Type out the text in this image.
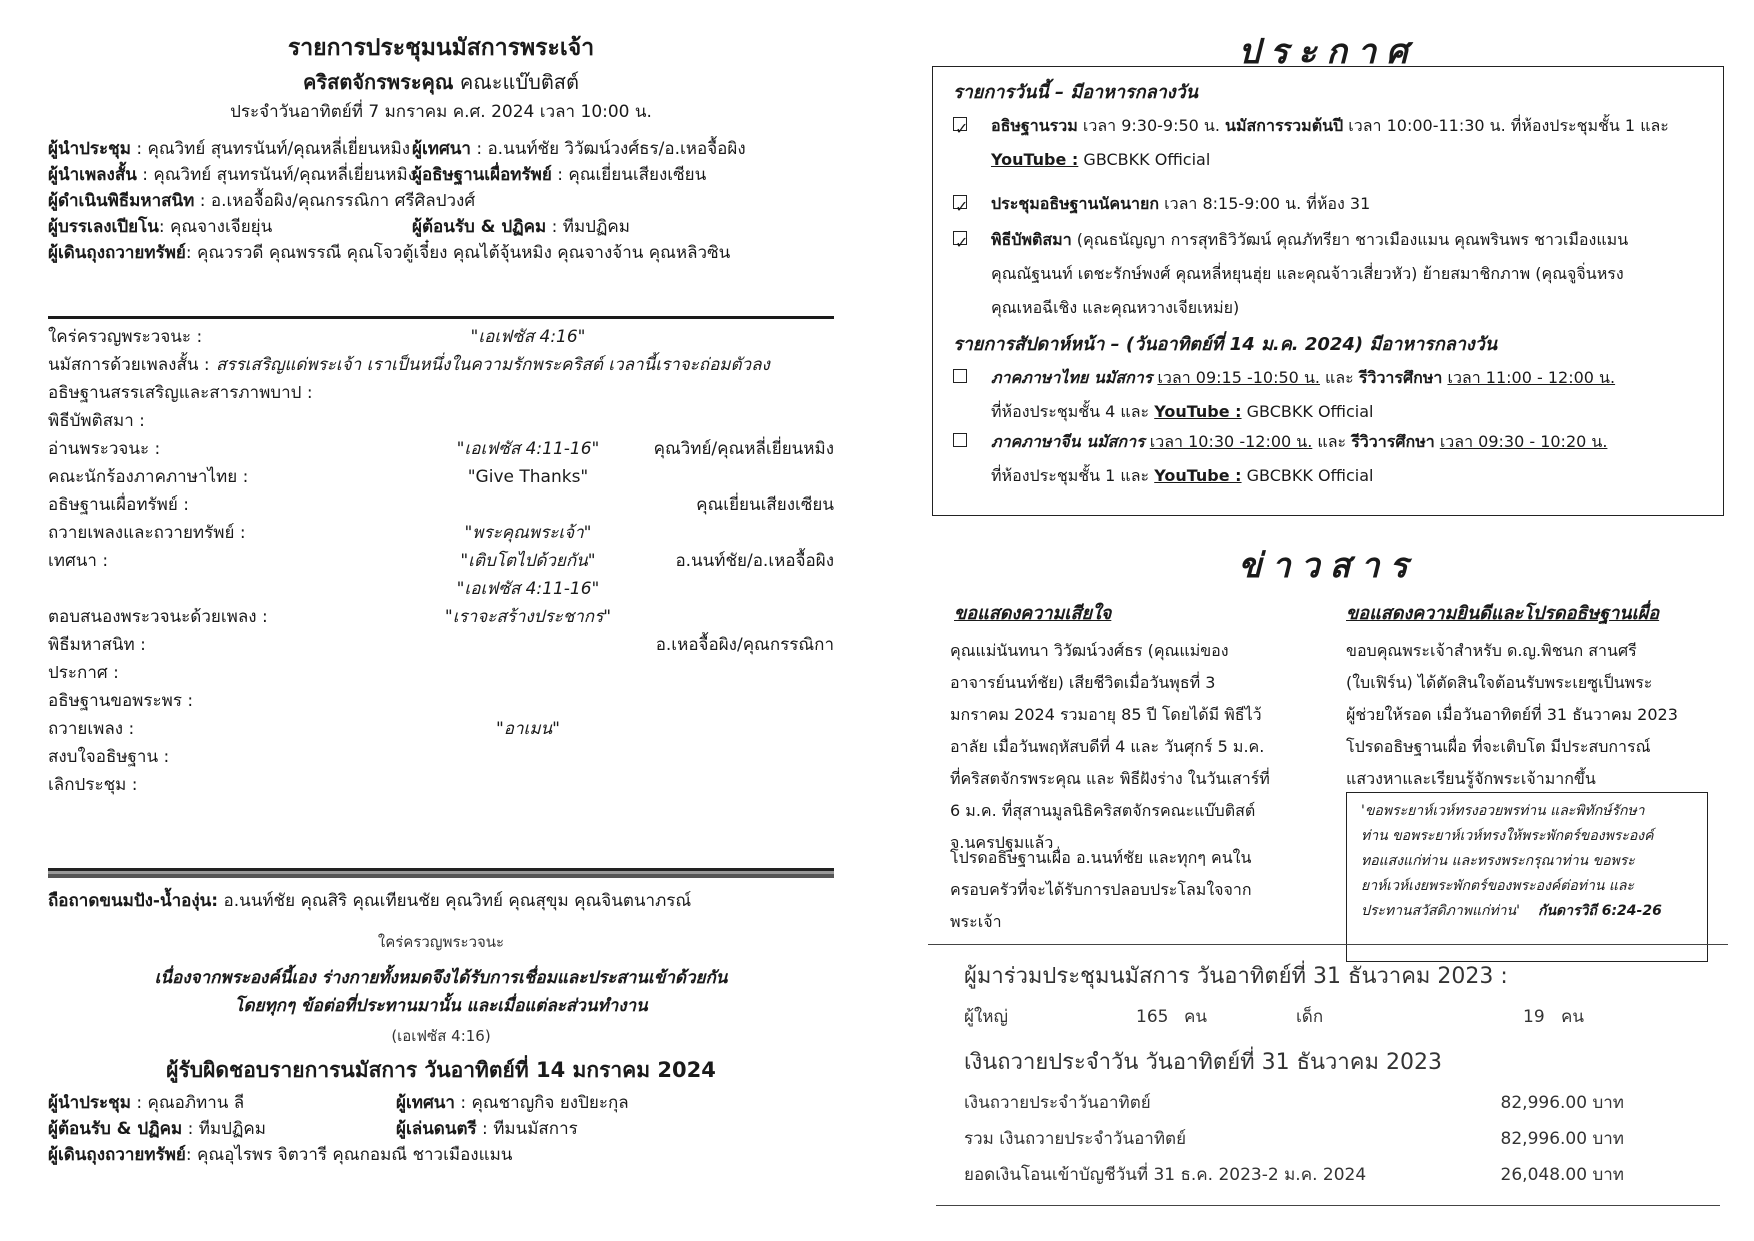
รายการประชุมนมัสการพระเจ้า
คริสตจักรพระคุณ คณะแบ๊บติสต์
ประจำวันอาทิตย์ที่ 7 มกราคม ค.ศ. 2024 เวลา 10:00 น.
ผู้นำประชุม : คุณวิทย์ สุนทรนันท์/คุณหลี่เยี่ยนหมิง ผู้เทศนา : อ.นนท์ชัย วิวัฒน์วงศ์ธร/อ.เหอจื้อผิง
ผู้นำเพลงสั้น : คุณวิทย์ สุนทรนันท์/คุณหลี่เยี่ยนหมิง
ผู้อธิษฐานเผื่อทรัพย์ : คุณเยี่ยนเสียงเซียน
ผู้ดำเนินพิธีมหาสนิท : อ.เหอจื้อผิง/คุณกรรณิกา ศรีศิลปวงศ์
ผู้บรรเลงเปียโน: คุณจางเจียยุ่น	ผู้ต้อนรับ & ปฏิคม : ทีมปฏิคม
ผู้เดินถุงถวายทรัพย์: คุณวรวดี คุณพรรณี คุณโจวตู้เจี๋ยง คุณไต้จุ้นหมิง คุณจางจ้าน คุณหลิวซิน
ใคร่ครวญพระวจนะ :	"เอเฟซัส 4:16"
นมัสการด้วยเพลงสั้น : สรรเสริญแด่พระเจ้า เราเป็นหนึ่งในความรักพระคริสต์ เวลานี้เราจะถ่อมตัวลง
อธิษฐานสรรเสริญและสารภาพบาป :
พิธีบัพติสมา :
อ่านพระวจนะ :	"เอเฟซัส 4:11-16"	คุณวิทย์/คุณหลี่เยี่ยนหมิง
คณะนักร้องภาคภาษาไทย :	"Give Thanks"
อธิษฐานเผื่อทรัพย์ :	คุณเยี่ยนเสียงเซียน
ถวายเพลงและถวายทรัพย์ :	"พระคุณพระเจ้า"
เทศนา :	"เติบโตไปด้วยกัน"	อ.นนท์ชัย/อ.เหอจื้อผิง
"เอเฟซัส 4:11-16"
ตอบสนองพระวจนะด้วยเพลง :	"เราจะสร้างประชากร"
พิธีมหาสนิท :	อ.เหอจื้อผิง/คุณกรรณิกา
ประกาศ :
อธิษฐานขอพระพร :
ถวายเพลง :	"อาเมน"
สงบใจอธิษฐาน :
เลิกประชุม :
ถือถาดขนมปัง-น้ำองุ่น: อ.นนท์ชัย คุณสิริ คุณเทียนชัย คุณวิทย์ คุณสุขุม คุณจินตนาภรณ์
ใคร่ครวญพระวจนะ
เนื่องจากพระองค์นี้เอง ร่างกายทั้งหมดจึงได้รับการเชื่อมและประสานเข้าด้วยกัน
โดยทุกๆ ข้อต่อที่ประทานมานั้น และเมื่อแต่ละส่วนทำงาน
(เอเฟซัส 4:16)
ผู้รับผิดชอบรายการนมัสการ วันอาทิตย์ที่ 14 มกราคม 2024
ผู้นำประชุม : คุณอภิทาน ลี	ผู้เทศนา : คุณชาญกิจ ยงปิยะกุล
ผู้ต้อนรับ & ปฏิคม : ทีมปฏิคม	ผู้เล่นดนตรี : ทีมนมัสการ
ผู้เดินถุงถวายทรัพย์: คุณอุไรพร จิตวารี คุณกอมณี ชาวเมืองแมน
ประกาศ
รายการวันนี้ – มีอาหารกลางวัน
✓
อธิษฐานรวม เวลา 9:30-9:50 น. นมัสการรวมต้นปี เวลา 10:00-11:30 น. ที่ห้องประชุมชั้น 1 และ
YouTube : GBCBKK Official
✓
ประชุมอธิษฐานนัคนายก เวลา 8:15-9:00 น. ที่ห้อง 31
✓
พิธีบัพติสมา (คุณธนัญญา การสุทธิวิวัฒน์ คุณภัทรียา ชาวเมืองแมน คุณพรินพร ชาวเมืองแมน
คุณณัฐนนท์ เตชะรักษ์พงศ์ คุณหลี่หยุนฮุ่ย และคุณจ้าวเสี่ยวหัว) ย้ายสมาชิกภาพ (คุณจูจิ่นหรง
คุณเหอฉีเชิง และคุณหวางเจียเหม่ย)
รายการสัปดาห์หน้า – (วันอาทิตย์ที่ 14 ม.ค. 2024) มีอาหารกลางวัน
ภาคภาษาไทย นมัสการ เวลา 09:15 -10:50 น. และ รีวิวารศึกษา เวลา 11:00 - 12:00 น.
ที่ห้องประชุมชั้น 4 และ YouTube : GBCBKK Official
ภาคภาษาจีน นมัสการ เวลา 10:30 -12:00 น. และ รีวิวารศึกษา เวลา 09:30 - 10:20 น.
ที่ห้องประชุมชั้น 1 และ YouTube : GBCBKK Official
ข่าวสาร
ขอแสดงความเสียใจ
คุณแม่นันทนา วิวัฒน์วงศ์ธร (คุณแม่ของ
อาจารย์นนท์ชัย) เสียชีวิตเมื่อวันพุธที่ 3
มกราคม 2024 รวมอายุ 85 ปี โดยได้มี พิธีไว้
อาลัย เมื่อวันพฤหัสบดีที่ 4 และ วันศุกร์ 5 ม.ค.
ที่คริสตจักรพระคุณ และ พิธีฝังร่าง ในวันเสาร์ที่
6 ม.ค. ที่สุสานมูลนิธิคริสตจักรคณะแบ๊บติสต์
จ.นครปฐมแล้ว
โปรดอธิษฐานเผื่อ อ.นนท์ชัย และทุกๆ คนใน
ครอบครัวที่จะได้รับการปลอบประโลมใจจาก
พระเจ้า
ขอแสดงความยินดีและโปรดอธิษฐานเผื่อ
ขอบคุณพระเจ้าสำหรับ ด.ญ.พิชนก สานศรี
(ใบเฟิร์น) ได้ตัดสินใจต้อนรับพระเยซูเป็นพระ
ผู้ช่วยให้รอด เมื่อวันอาทิตย์ที่ 31 ธันวาคม 2023
โปรดอธิษฐานเผื่อ ที่จะเติบโต มีประสบการณ์
แสวงหาและเรียนรู้จักพระเจ้ามากขึ้น
'ขอพระยาห์เวห์ทรงอวยพรท่าน และพิทักษ์รักษา
ท่าน ขอพระยาห์เวห์ทรงให้พระพักตร์ของพระองค์
ทอแสงแก่ท่าน และทรงพระกรุณาท่าน ขอพระ
ยาห์เวห์เงยพระพักตร์ของพระองค์ต่อท่าน และ
ประทานสวัสดิภาพแก่ท่าน' กันดารวิถี 6:24-26
ผู้มาร่วมประชุมนมัสการ วันอาทิตย์ที่ 31 ธันวาคม 2023 :
ผู้ใหญ่	165 คน	เด็ก	19 คน
เงินถวายประจำวัน วันอาทิตย์ที่ 31 ธันวาคม 2023
เงินถวายประจำวันอาทิตย์	82,996.00 บาท
รวม เงินถวายประจำวันอาทิตย์	82,996.00 บาท
ยอดเงินโอนเข้าบัญชีวันที่ 31 ธ.ค. 2023-2 ม.ค. 2024	26,048.00 บาท
